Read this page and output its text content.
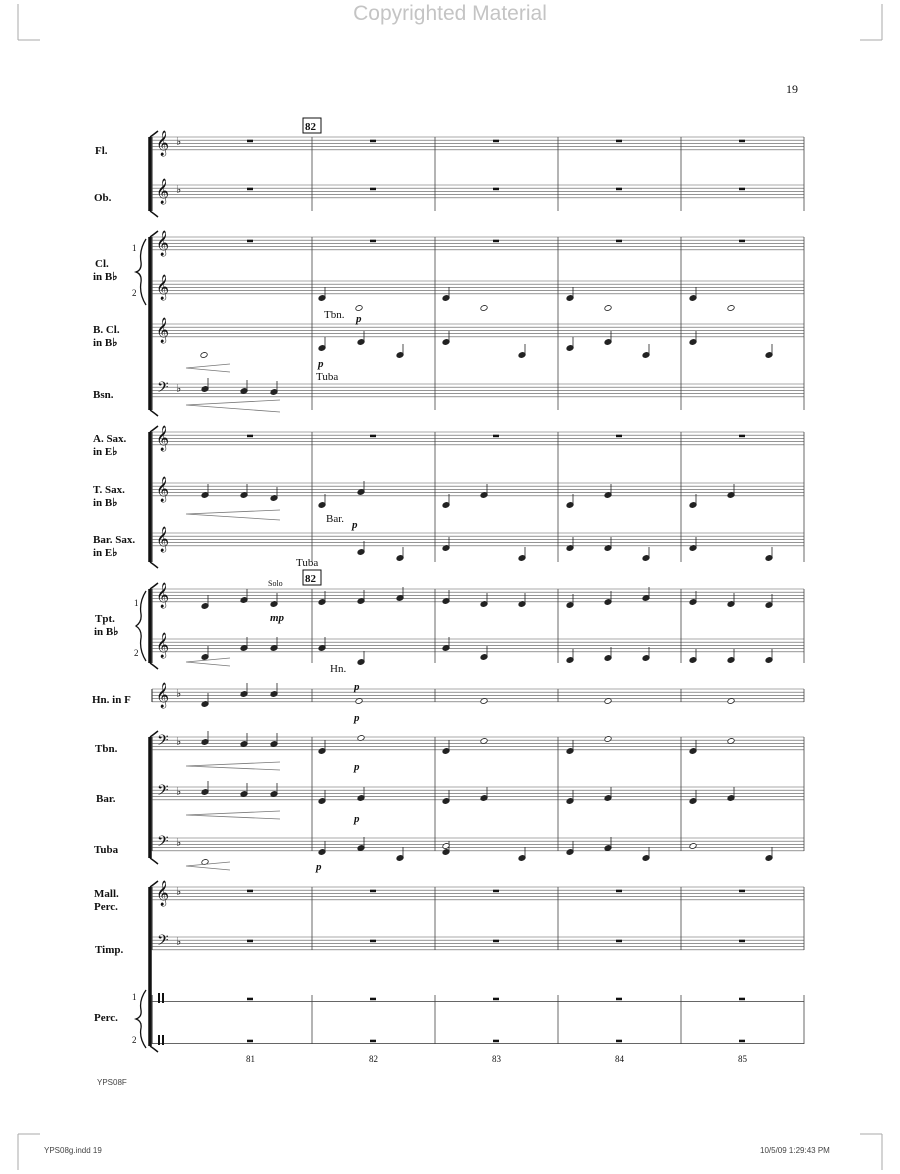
Copyrighted Material
19
YPS08F
YPS08g.indd 19	10/5/09 1:29:43 PM
Fl.
Ob.
Cl.
in B♭
B. Cl.
in B♭
Bsn.
A. Sax.
in E♭
T. Sax.
in B♭
Bar. Sax.
in E♭
Tpt.
in B♭
Hn. in F
Tbn.
Bar.
Tuba
Mall.
Perc.
Timp.
Perc.
1
2
1
2
1
2
𝄞 ♭
𝄞 ♭
𝄞
𝄞
𝄞
𝄢 ♭
𝄞
𝄞
𝄞
𝄞
𝄞
𝄞 ♭
𝄢 ♭
𝄢 ♭
𝄢 ♭
𝄞 ♭
𝄢 ♭
81	82	83	84	85
82
82
Tbn.
Tuba
Bar.
Tuba
Solo
Hn.
p
p
p
mp
p
p
p
p
p
